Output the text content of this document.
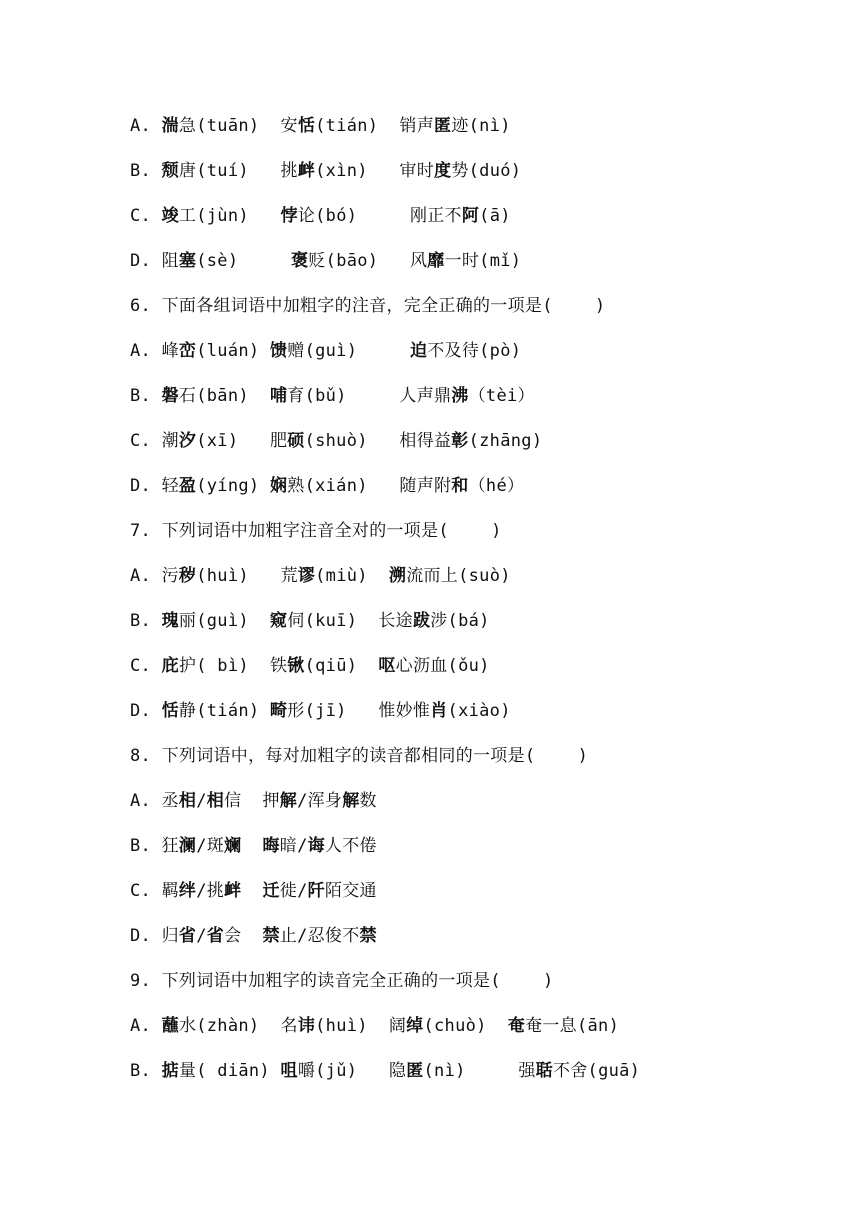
A. 湍急(tuān)  安恬(tián)  销声匿迹(nì)
B. 颓唐(tuí)   挑衅(xìn)   审时度势(duó)
C. 竣工(jùn)   悖论(bó)     刚正不阿(ā)
D. 阻塞(sè)     褒贬(bāo)   风靡一时(mǐ)
6. 下面各组词语中加粗字的注音，完全正确的一项是(    )
A. 峰峦(luán) 馈赠(guì)     迫不及待(pò)
B. 磐石(bān)  哺育(bǔ)     人声鼎沸（tèi）
C. 潮汐(xī)   肥硕(shuò)   相得益彰(zhāng)
D. 轻盈(yíng) 娴熟(xián)   随声附和（hé）
7. 下列词语中加粗字注音全对的一项是(    )
A. 污秽(huì)   荒谬(miù)  溯流而上(suò)
B. 瑰丽(guì)  窥伺(kuī)  长途跋涉(bá)
C. 庇护( bì)  铁锹(qiū)  呕心沥血(ǒu)
D. 恬静(tián) 畸形(jī)   惟妙惟肖(xiào)
8. 下列词语中，每对加粗字的读音都相同的一项是(    )
A. 丞相/相信  押解/浑身解数
B. 狂澜/斑斓 晦暗/诲人不倦
C. 羁绊/挑衅 迁徙/阡陌交通
D. 归省/省会  禁止/忍俊不禁
9. 下列词语中加粗字的读音完全正确的一项是(    )
A. 蘸水(zhàn)  名讳(huì)  阔绰(chuò)  奄奄一息(ān)
B. 掂量( diān) 咀嚼(jǔ)   隐匿(nì)     强聒不舍(guā)
